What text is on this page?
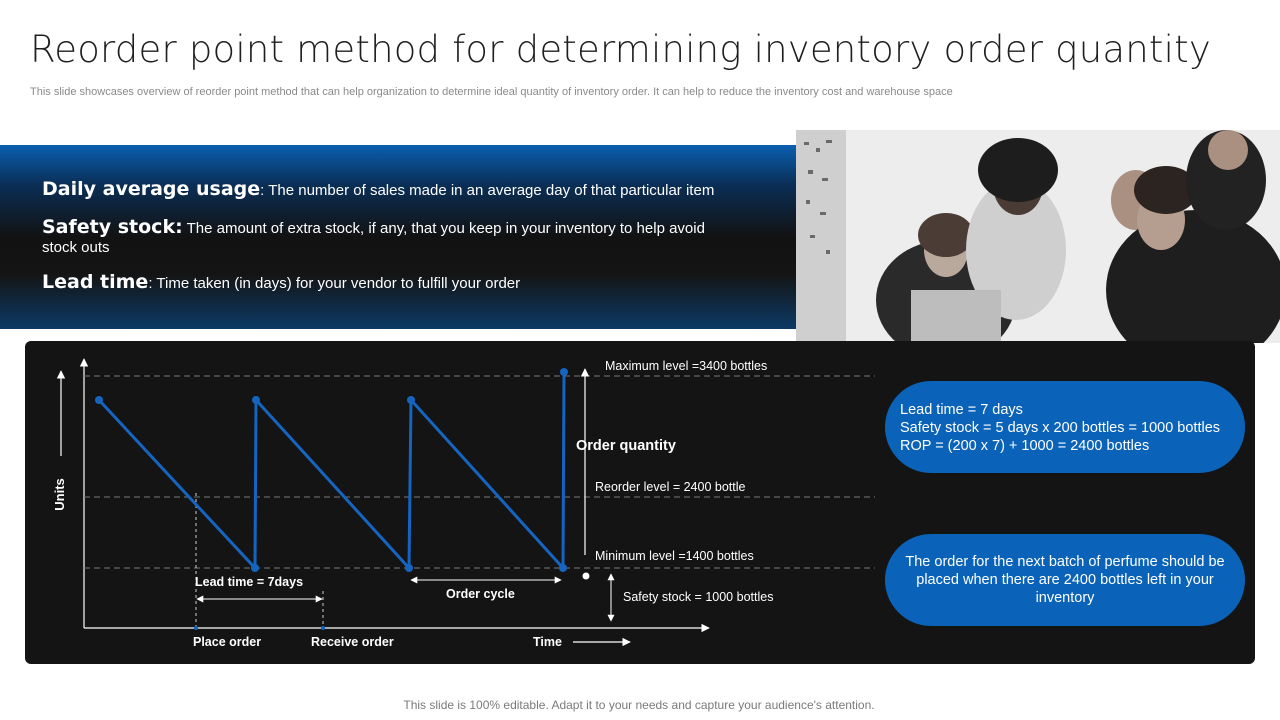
Reorder point method for determining inventory order quantity
This slide showcases overview of reorder point method that can help organization to determine ideal quantity of inventory order. It can help to reduce the inventory cost and warehouse space
Daily average usage: The number of sales made in an average day of that particular item
Safety stock: The amount of extra stock, if any, that you keep in your inventory to help avoid stock outs
Lead time: Time taken (in days) for your vendor to fulfill your order
Units
Maximum level =3400 bottles
Order quantity
Reorder level = 2400 bottle
Minimum level =1400 bottles
Safety stock = 1000 bottles
Lead time = 7days
Order cycle
Place order	Receive order	Time
Lead time = 7 days
Safety stock = 5 days x 200 bottles = 1000 bottles
ROP = (200 x 7) + 1000 = 2400 bottles
The order for the next batch of perfume should be placed when there are 2400 bottles left in your inventory
This slide is 100% editable. Adapt it to your needs and capture your audience's attention.
